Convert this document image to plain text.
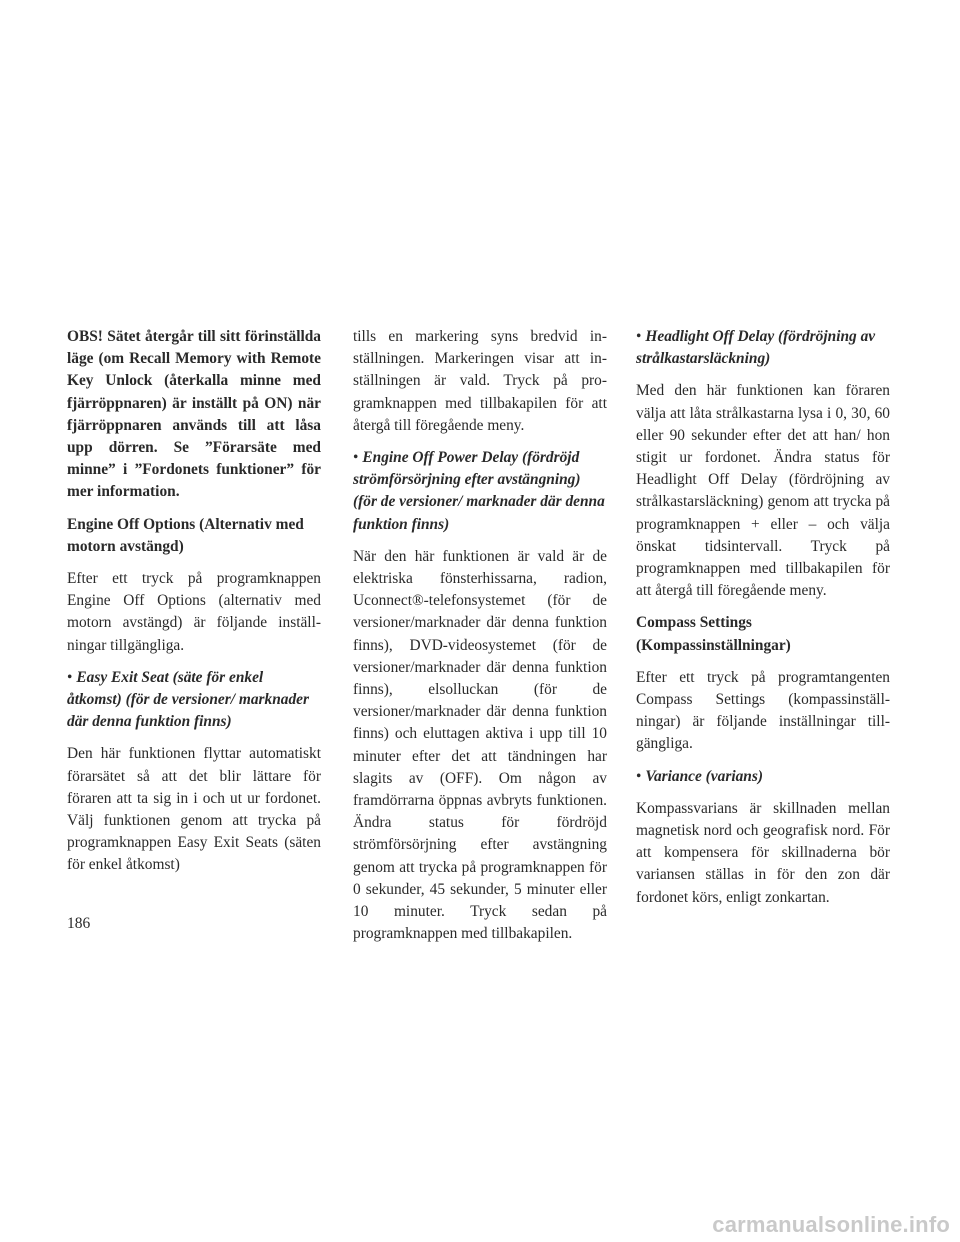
OBS! Sätet återgår till sitt förinställda läge (om Recall Memory with Remote Key Unlock (återkalla minne med fjärröppnaren) är inställt på ON) när fjärröppnaren används till att låsa upp dörren. Se ”Förarsäte med minne” i ”Fordonets funktioner” för mer information.

Engine Off Options (Alternativ med motorn avstängd)

Efter ett tryck på programknappen Engine Off Options (alternativ med motorn avstängd) är följande inställningar tillgängliga.

• Easy Exit Seat (säte för enkel åtkomst) (för de versioner/ marknader där denna funktion finns)

Den här funktionen flyttar automatiskt förarsätet så att det blir lättare för föraren att ta sig in i och ut ur fordonet. Välj funktionen genom att trycka på programknappen Easy Exit Seats (säten för enkel åtkomst)

tills en markering syns bredvid inställningen. Markeringen visar att inställningen är vald. Tryck på programknappen med tillbakapilen för att återgå till föregående meny.

• Engine Off Power Delay (fördröjd strömförsörjning efter avstängning) (för de versioner/ marknader där denna funktion finns)

När den här funktionen är vald är de elektriska fönsterhissarna, radion, Uconnect®-telefonsystemet (för de versioner/marknader där denna funktion finns), DVD-videosystemet (för de versioner/marknader där denna funktion finns), elsolluckan (för de versioner/marknader där denna funktion finns) och eluttagen aktiva i upp till 10 minuter efter det att tändningen har slagits av (OFF). Om någon av framdörrarna öppnas avbryts funktionen. Ändra status för fördröjd strömförsörjning efter avstängning genom att trycka på programknappen för 0 sekunder, 45 sekunder, 5 minuter eller 10 minuter. Tryck sedan på programknappen med tillbakapilen.

• Headlight Off Delay (fördröjning av strålkastarsläckning)

Med den här funktionen kan föraren välja att låta strålkastarna lysa i 0, 30, 60 eller 90 sekunder efter det att han/ hon stigit ur fordonet. Ändra status för Headlight Off Delay (fördröjning av strålkastarsläckning) genom att trycka på programknappen + eller – och välja önskat tidsintervall. Tryck på programknappen med tillbakapilen för att återgå till föregående meny.

Compass Settings (Kompassinställningar)

Efter ett tryck på programtangenten Compass Settings (kompassinställningar) är följande inställningar tillgängliga.

• Variance (varians)

Kompassvarians är skillnaden mellan magnetisk nord och geografisk nord. För att kompensera för skillnaderna bör variansen ställas in för den zon där fordonet körs, enligt zonkartan.

186
carmanualsonline.info
